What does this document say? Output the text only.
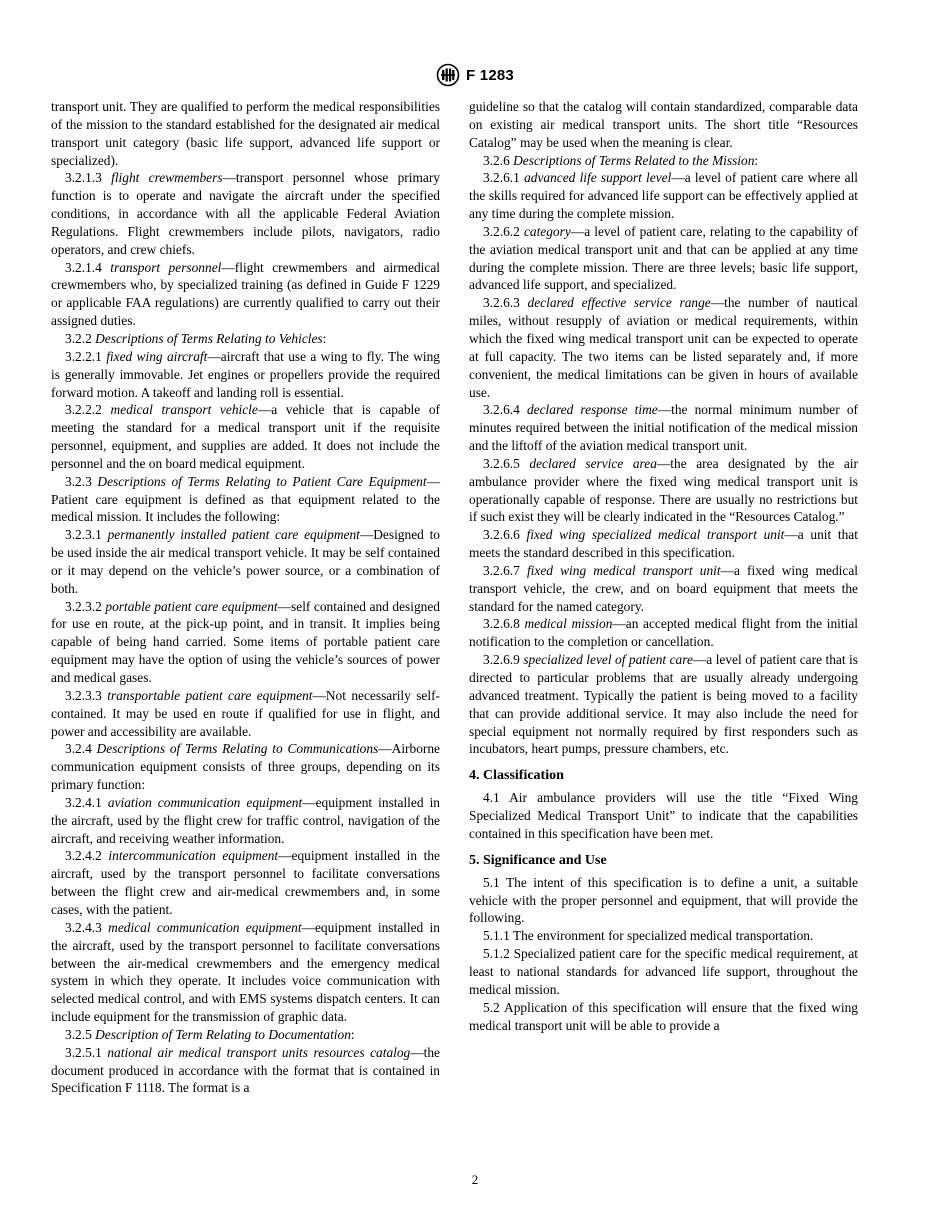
F 1283

transport unit. They are qualified to perform the medical responsibilities of the mission to the standard established for the designated air medical transport unit category (basic life support, advanced life support or specialized).

3.2.1.3 flight crewmembers—transport personnel whose primary function is to operate and navigate the aircraft under the specified conditions, in accordance with all the applicable Federal Aviation Regulations. Flight crewmembers include pilots, navigators, radio operators, and crew chiefs.

3.2.1.4 transport personnel—flight crewmembers and airmedical crewmembers who, by specialized training (as defined in Guide F 1229 or applicable FAA regulations) are currently qualified to carry out their assigned duties.

3.2.2 Descriptions of Terms Relating to Vehicles:

3.2.2.1 fixed wing aircraft—aircraft that use a wing to fly. The wing is generally immovable. Jet engines or propellers provide the required forward motion. A takeoff and landing roll is essential.

3.2.2.2 medical transport vehicle—a vehicle that is capable of meeting the standard for a medical transport unit if the requisite personnel, equipment, and supplies are added. It does not include the personnel and the on board medical equipment.

3.2.3 Descriptions of Terms Relating to Patient Care Equipment—Patient care equipment is defined as that equipment related to the medical mission. It includes the following:

3.2.3.1 permanently installed patient care equipment—Designed to be used inside the air medical transport vehicle. It may be self contained or it may depend on the vehicle’s power source, or a combination of both.

3.2.3.2 portable patient care equipment—self contained and designed for use en route, at the pick-up point, and in transit. It implies being capable of being hand carried. Some items of portable patient care equipment may have the option of using the vehicle’s sources of power and medical gases.

3.2.3.3 transportable patient care equipment—Not necessarily self-contained. It may be used en route if qualified for use in flight, and power and accessibility are available.

3.2.4 Descriptions of Terms Relating to Communications—Airborne communication equipment consists of three groups, depending on its primary function:

3.2.4.1 aviation communication equipment—equipment installed in the aircraft, used by the flight crew for traffic control, navigation of the aircraft, and receiving weather information.

3.2.4.2 intercommunication equipment—equipment installed in the aircraft, used by the transport personnel to facilitate conversations between the flight crew and air-medical crewmembers and, in some cases, with the patient.

3.2.4.3 medical communication equipment—equipment installed in the aircraft, used by the transport personnel to facilitate conversations between the air-medical crewmembers and the emergency medical system in which they operate. It includes voice communication with selected medical control, and with EMS systems dispatch centers. It can include equipment for the transmission of graphic data.

3.2.5 Description of Term Relating to Documentation:

3.2.5.1 national air medical transport units resources catalog—the document produced in accordance with the format that is contained in Specification F 1118. The format is a

guideline so that the catalog will contain standardized, comparable data on existing air medical transport units. The short title “Resources Catalog” may be used when the meaning is clear.

3.2.6 Descriptions of Terms Related to the Mission:

3.2.6.1 advanced life support level—a level of patient care where all the skills required for advanced life support can be effectively applied at any time during the complete mission.

3.2.6.2 category—a level of patient care, relating to the capability of the aviation medical transport unit and that can be applied at any time during the complete mission. There are three levels; basic life support, advanced life support, and specialized.

3.2.6.3 declared effective service range—the number of nautical miles, without resupply of aviation or medical requirements, within which the fixed wing medical transport unit can be expected to operate at full capacity. The two items can be listed separately and, if more convenient, the medical limitations can be given in hours of available use.

3.2.6.4 declared response time—the normal minimum number of minutes required between the initial notification of the medical mission and the liftoff of the aviation medical transport unit.

3.2.6.5 declared service area—the area designated by the air ambulance provider where the fixed wing medical transport unit is operationally capable of response. There are usually no restrictions but if such exist they will be clearly indicated in the “Resources Catalog.”

3.2.6.6 fixed wing specialized medical transport unit—a unit that meets the standard described in this specification.

3.2.6.7 fixed wing medical transport unit—a fixed wing medical transport vehicle, the crew, and on board equipment that meets the standard for the named category.

3.2.6.8 medical mission—an accepted medical flight from the initial notification to the completion or cancellation.

3.2.6.9 specialized level of patient care—a level of patient care that is directed to particular problems that are usually already undergoing advanced treatment. Typically the patient is being moved to a facility that can provide additional service. It may also include the need for special equipment not normally required by first responders such as incubators, heart pumps, pressure chambers, etc.

4. Classification

4.1 Air ambulance providers will use the title “Fixed Wing Specialized Medical Transport Unit” to indicate that the capabilities contained in this specification have been met.

5. Significance and Use

5.1 The intent of this specification is to define a unit, a suitable vehicle with the proper personnel and equipment, that will provide the following.

5.1.1 The environment for specialized medical transportation.

5.1.2 Specialized patient care for the specific medical requirement, at least to national standards for advanced life support, throughout the medical mission.

5.2 Application of this specification will ensure that the fixed wing medical transport unit will be able to provide a

2
